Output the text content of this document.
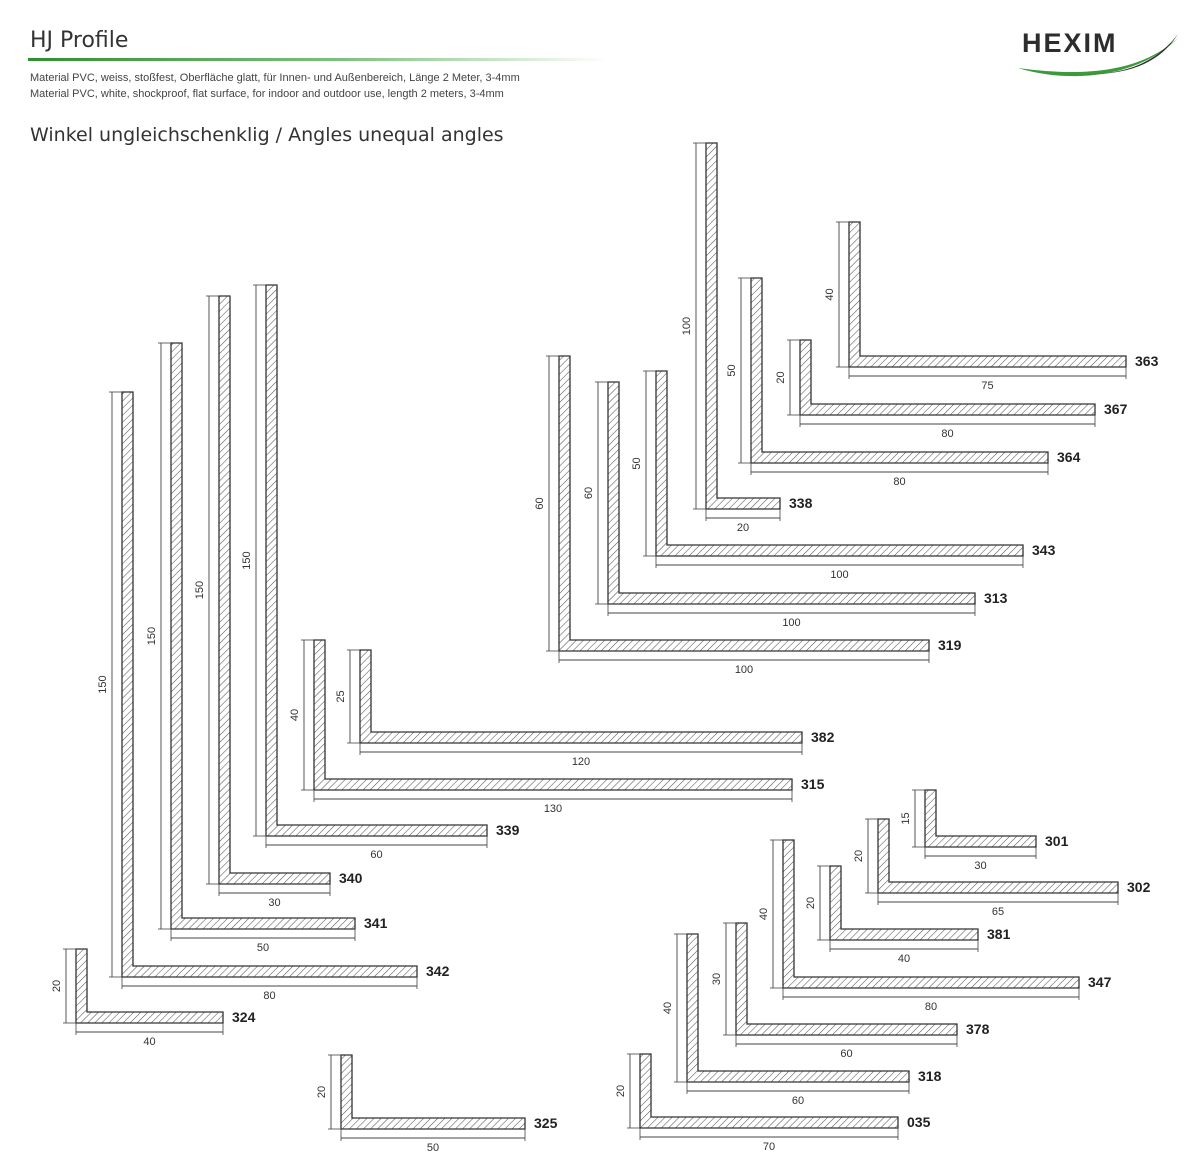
HJ Profile
Material PVC, weiss, stoßfest, Oberfläche glatt, für Innen- und Außenbereich, Länge 2 Meter, 3-4mm
Material PVC, white, shockproof, flat surface, for indoor and outdoor use, length 2 meters, 3-4mm
Winkel ungleichschenklig / Angles unequal angles
HEXIM
40
75
363
20
80
367
50
80
364
100
20
338
50
100
343
60
100
313
60
100
319
25
120
382
40
130
315
150
60
339
150
30
340
150
50
341
150
80
342
20
40
324
20
50
325
15
30
301
20
65
302
20
40
381
40
80
347
30
60
378
40
60
318
20
70
035
